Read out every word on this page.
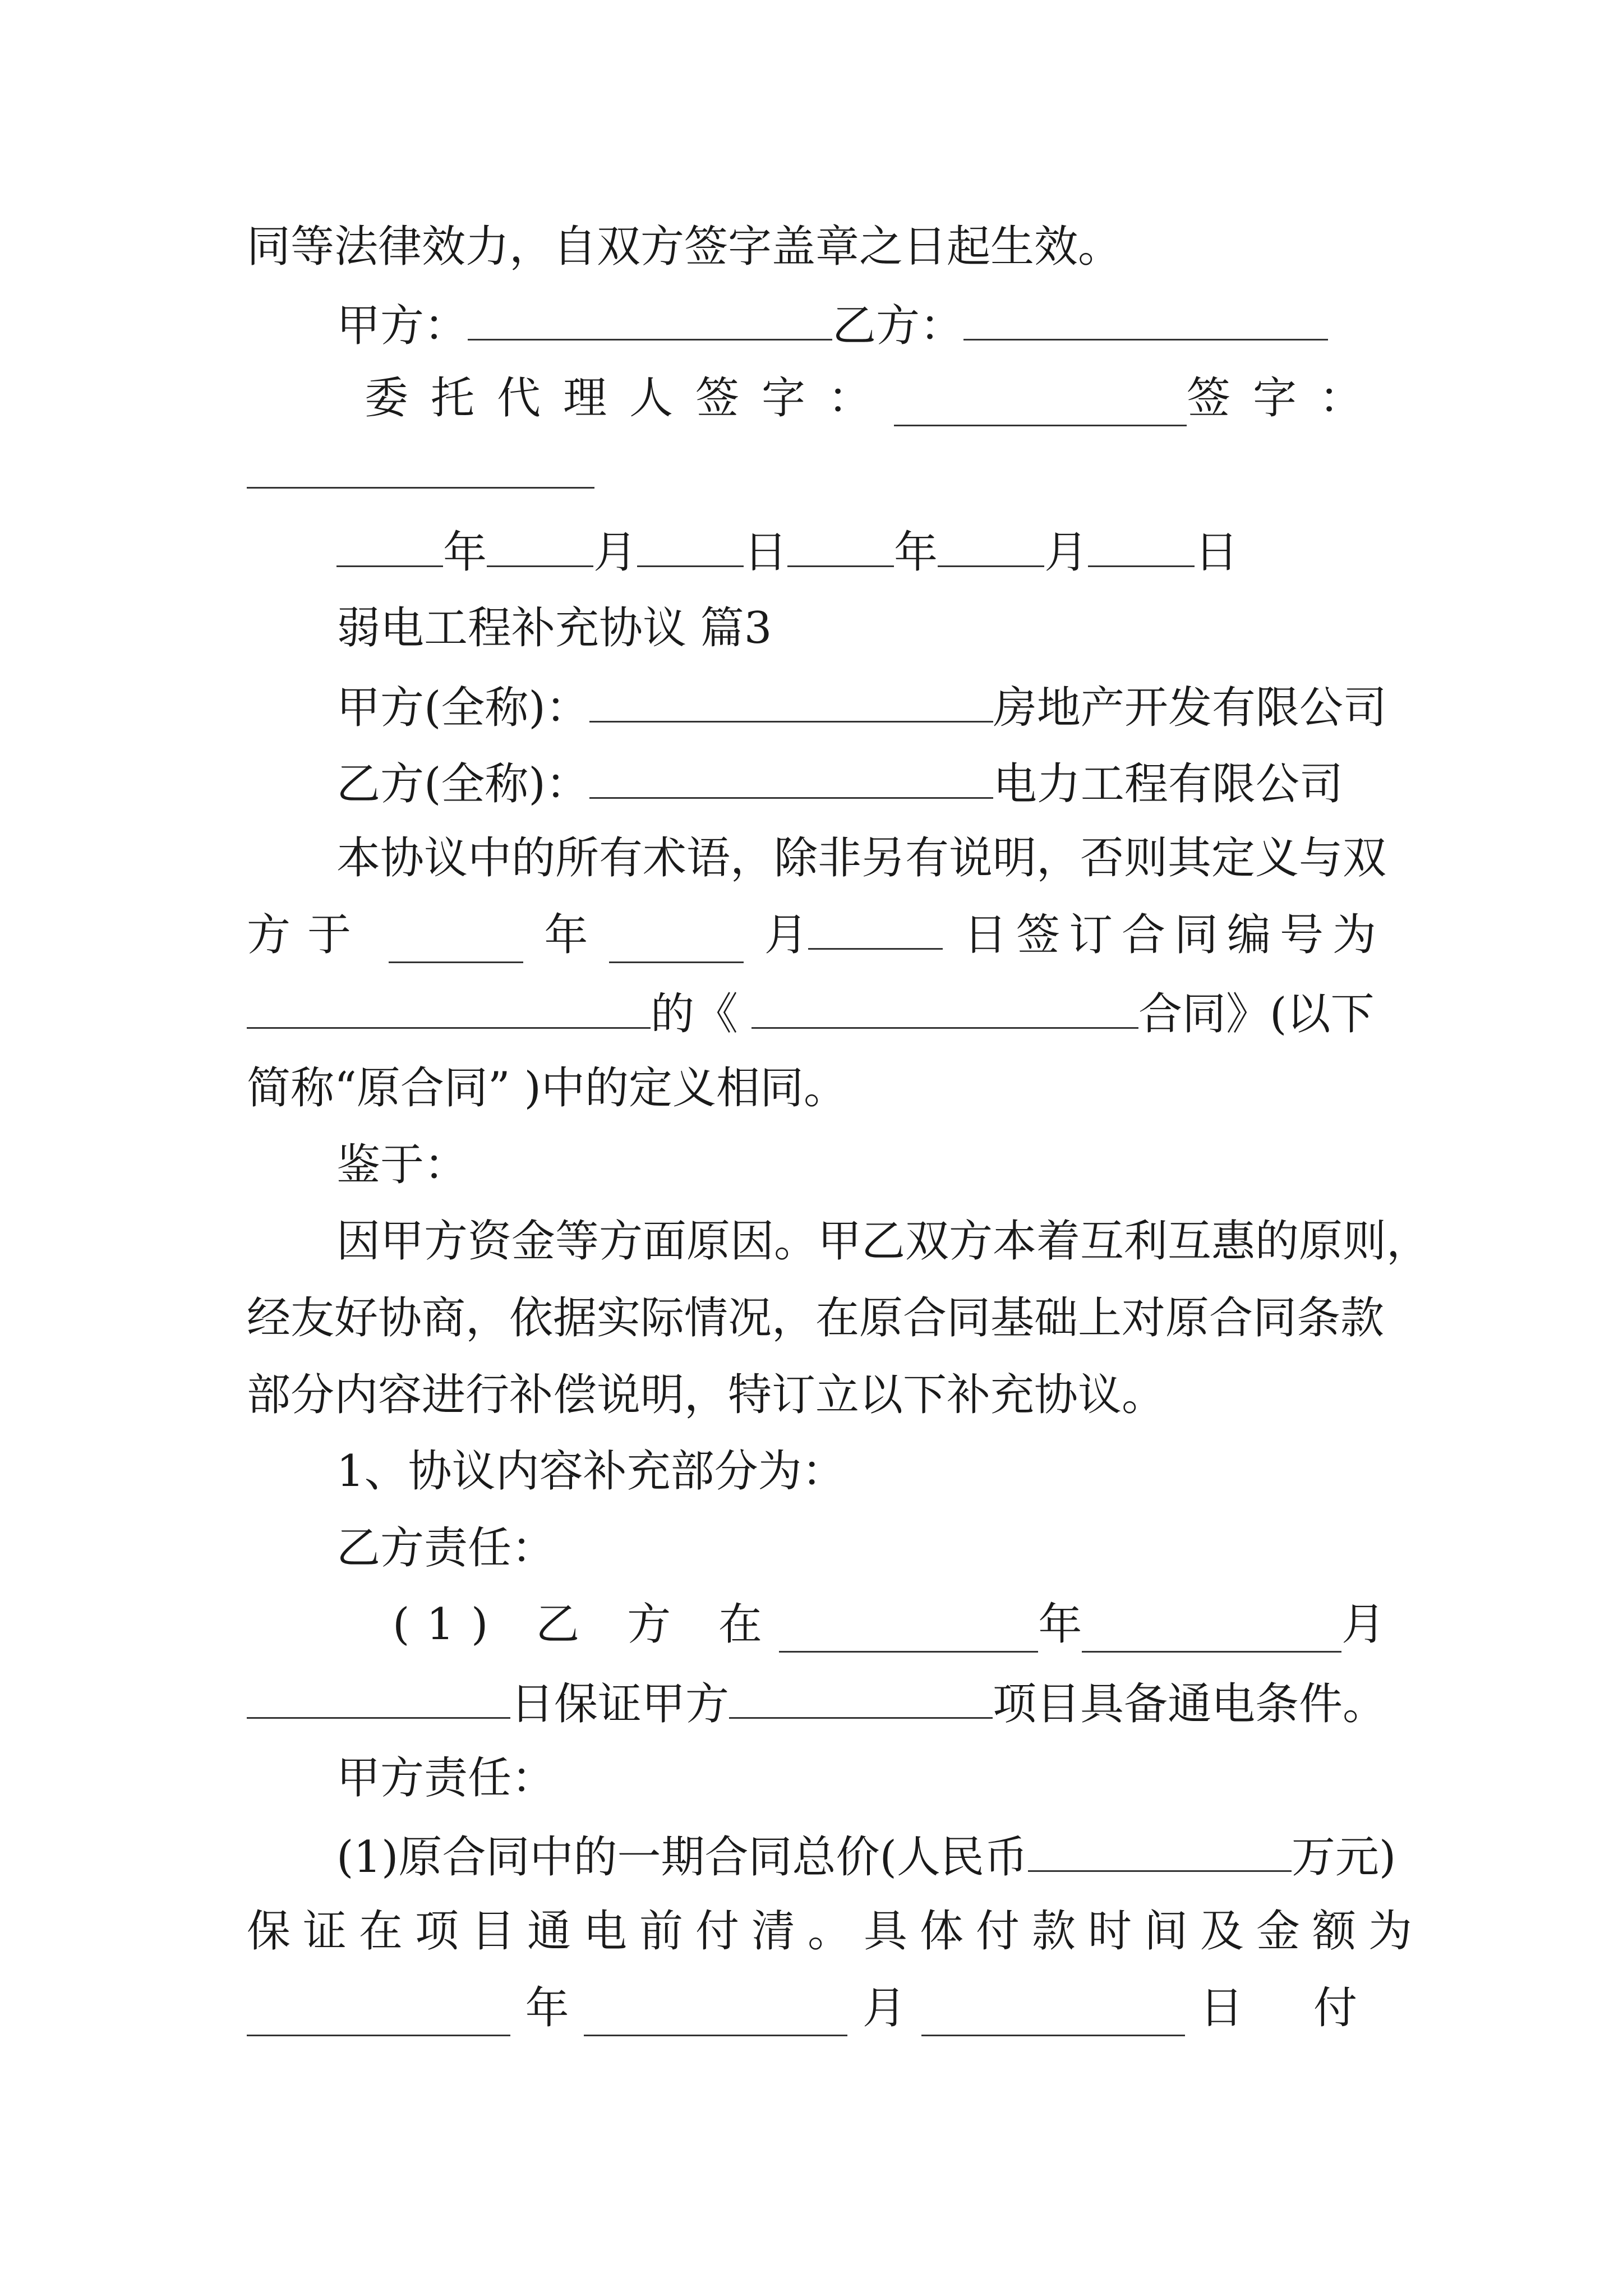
同等法律效力，自双方签字盖章之日起生效。
甲方：	乙方：
委托代理人签字：	签字：
年 月 日 年 月 日
弱电工程补充协议 篇3
甲方(全称)：	房地产开发有限公司
乙方(全称)：	电力工程有限公司
本协议中的所有术语，除非另有说明，否则其定义与双
方于	年	月	日签订合同编号为
的《	合同》(以下
简称“原合同” )中的定义相同。
鉴于：
因甲方资金等方面原因。甲乙双方本着互利互惠的原则，
经友好协商，依据实际情况，在原合同基础上对原合同条款
部分内容进行补偿说明，特订立以下补充协议。
1、协议内容补充部分为：
乙方责任：
(1) 乙 方 在	年	月
日保证甲方	项目具备通电条件。
甲方责任：
(1)原合同中的一期合同总价(人民币	万元)
保证在项目通电前付清。具体付款时间及金额为
年	月	日 付
